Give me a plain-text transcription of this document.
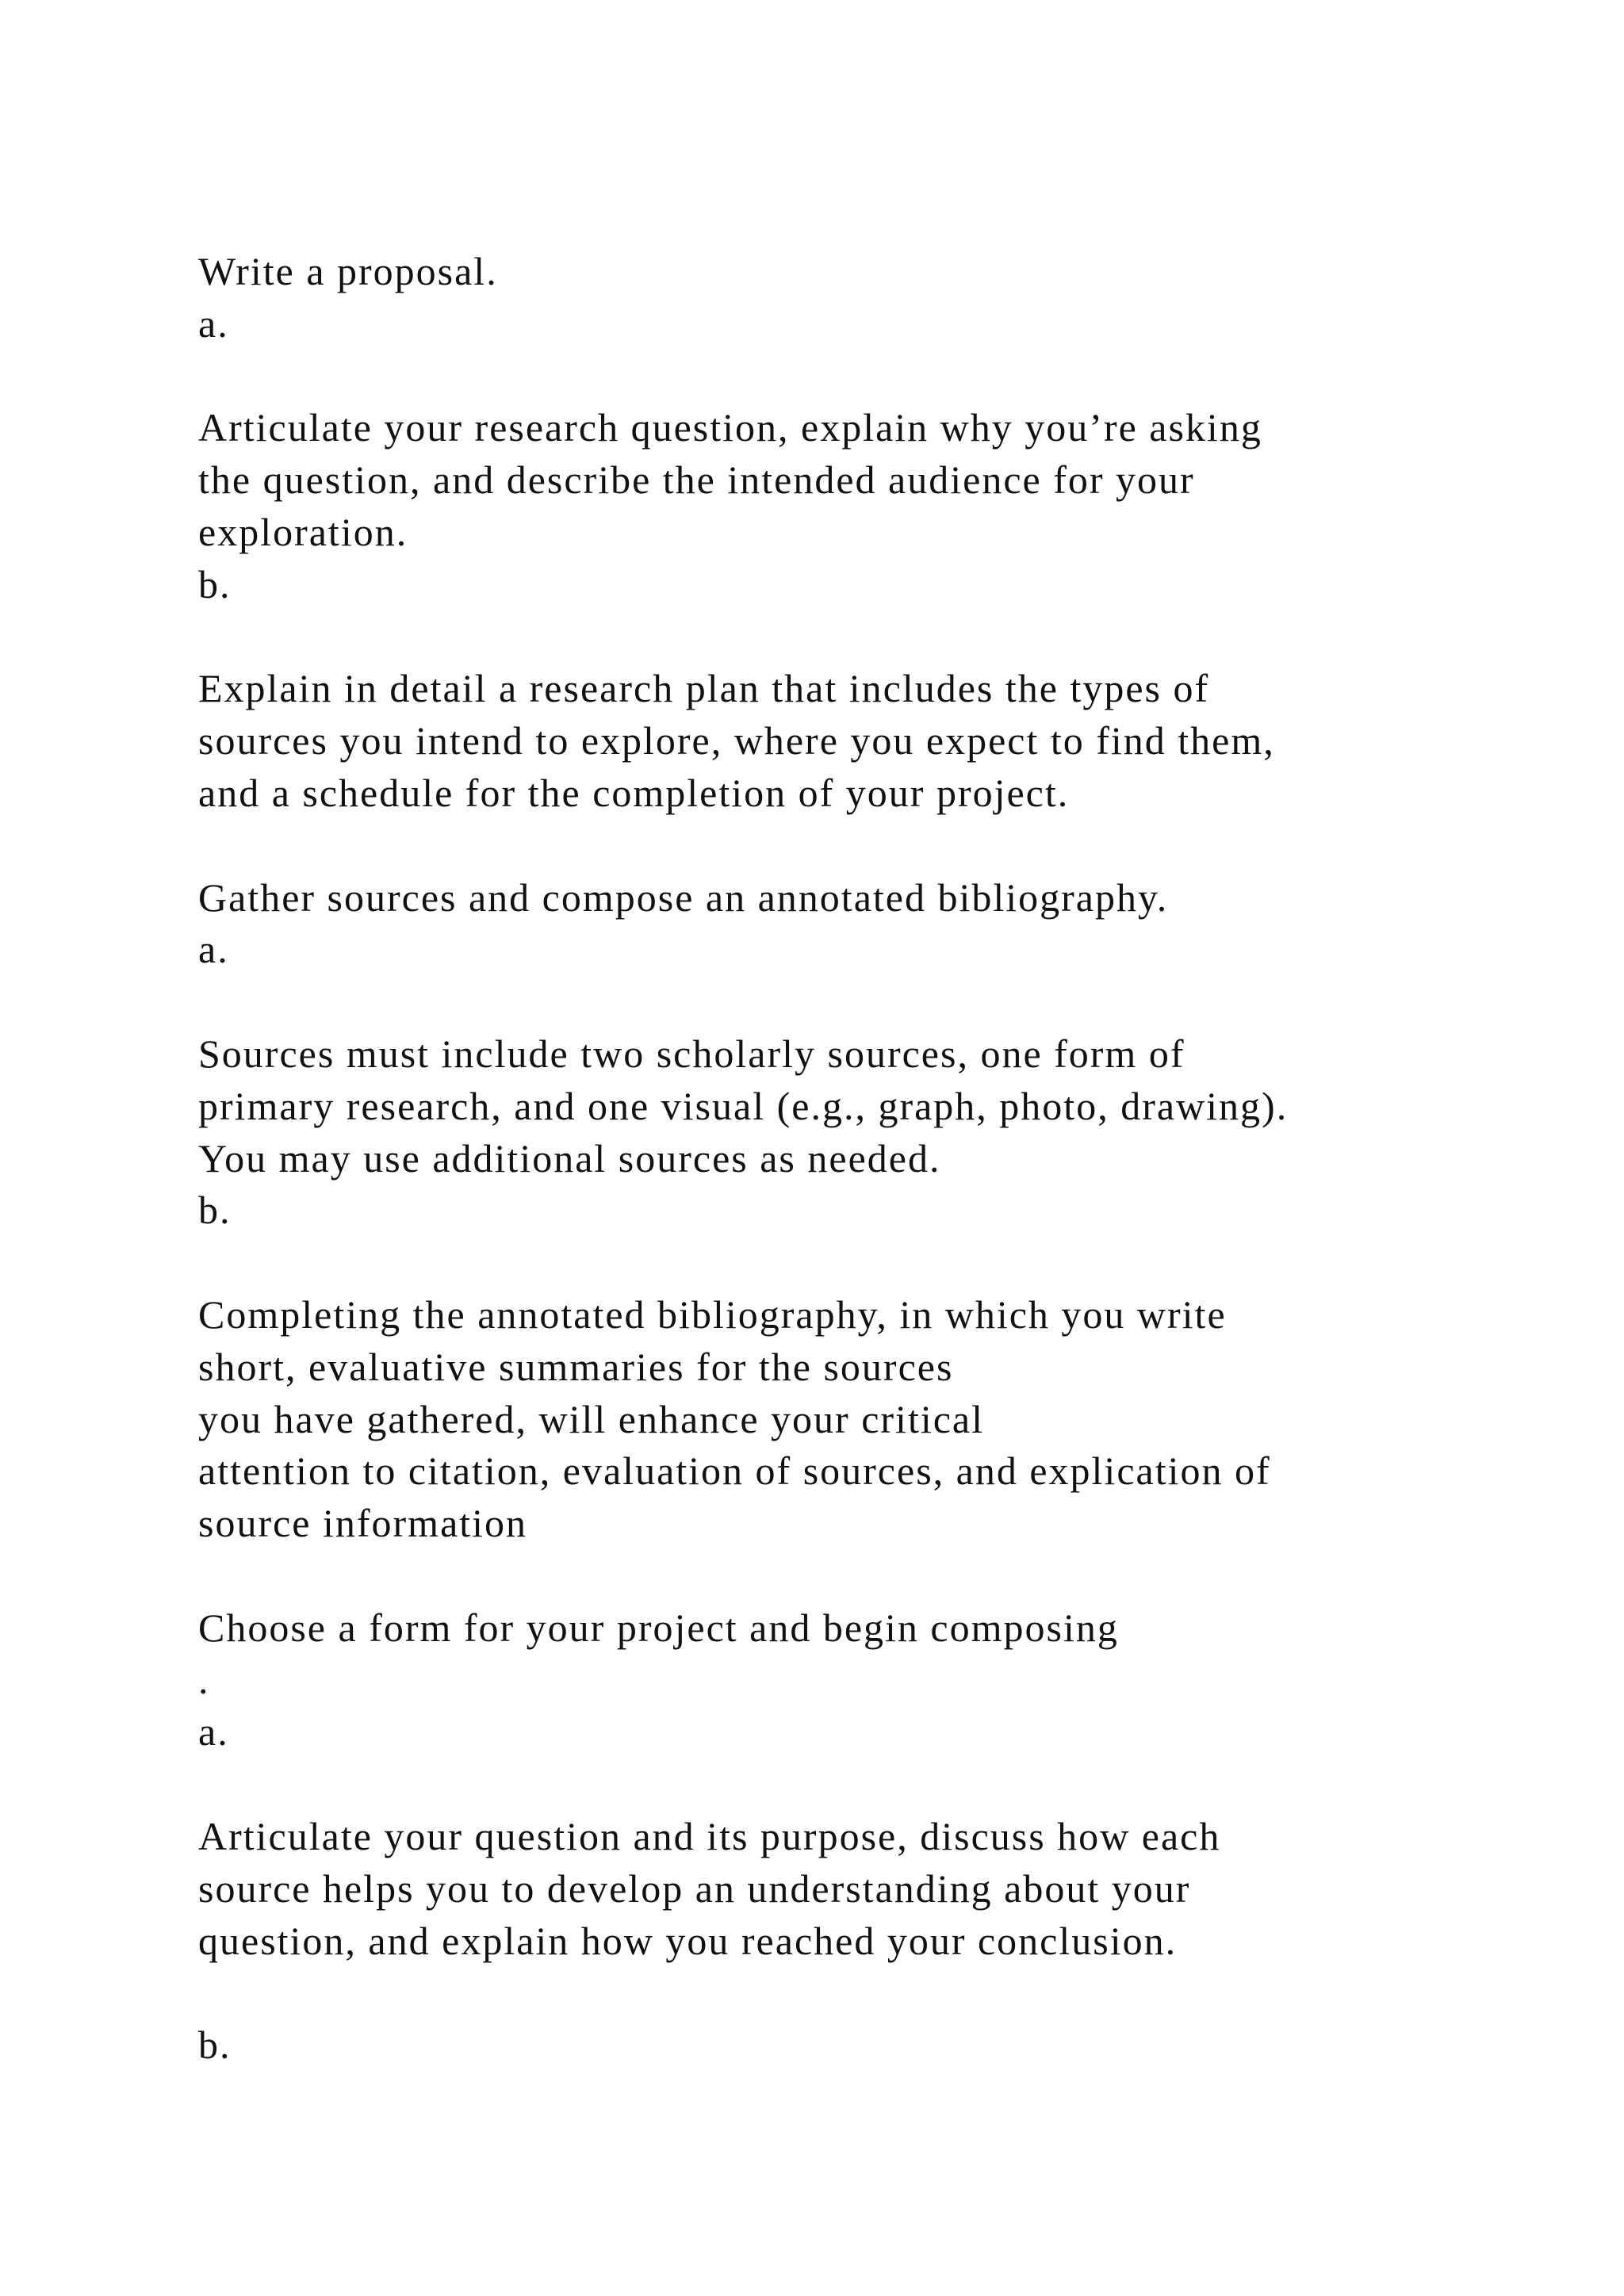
Write a proposal.
a.
Articulate your research question, explain why you’re asking
the question, and describe the intended audience for your
exploration.
b.
Explain in detail a research plan that includes the types of
sources you intend to explore, where you expect to find them,
and a schedule for the completion of your project.
Gather sources and compose an annotated bibliography.
a.
Sources must include two scholarly sources, one form of
primary research, and one visual (e.g., graph, photo, drawing).
You may use additional sources as needed.
b.
Completing the annotated bibliography, in which you write
short, evaluative summaries for the sources
you have gathered, will enhance your critical
attention to citation, evaluation of sources, and explication of
source information
Choose a form for your project and begin composing
.
a.
Articulate your question and its purpose, discuss how each
source helps you to develop an understanding about your
question, and explain how you reached your conclusion.
b.
